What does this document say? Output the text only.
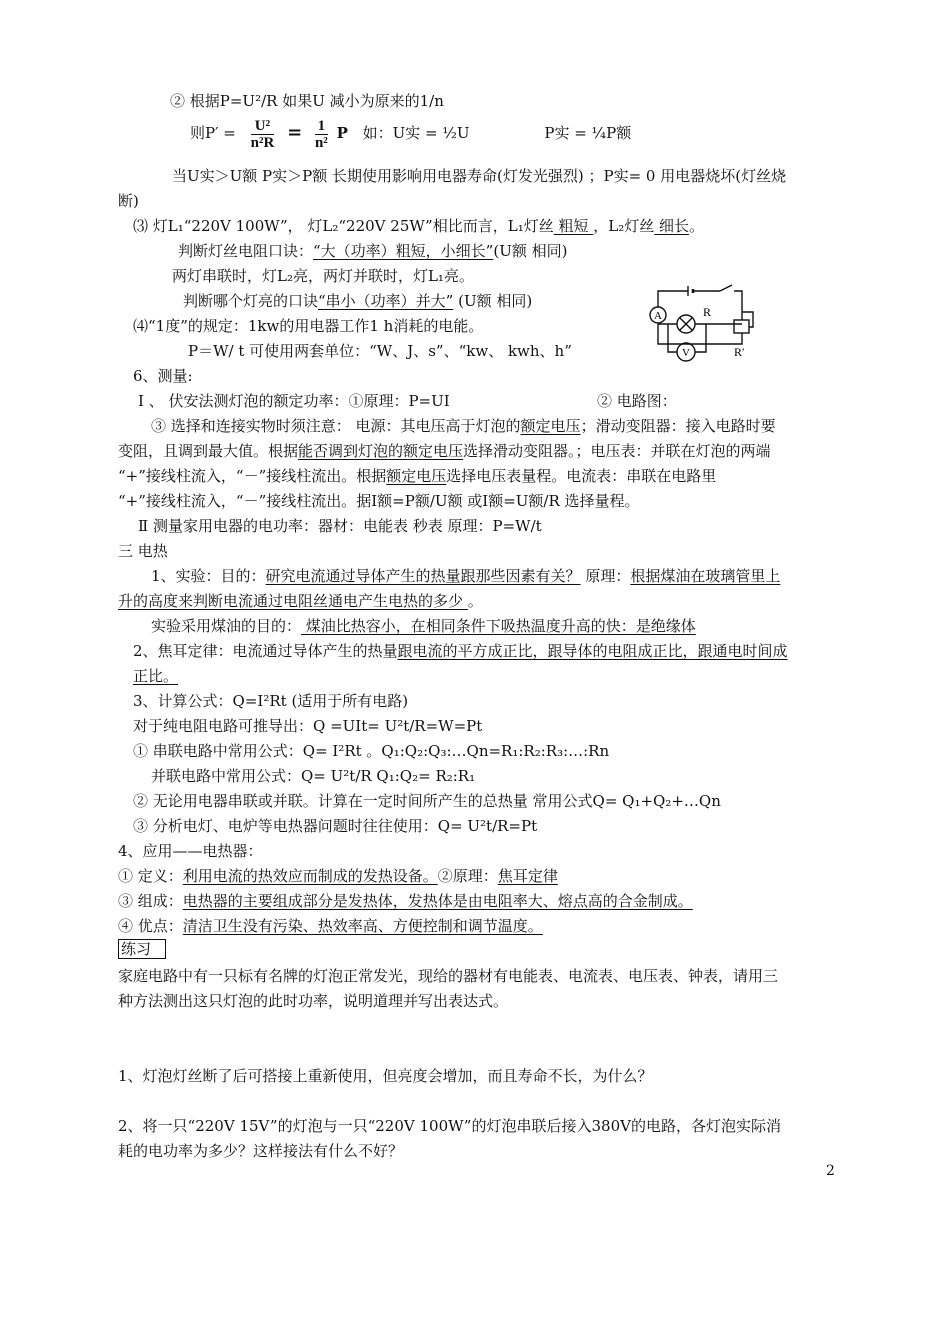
② 根据P=U²/R 如果U 减小为原来的1/n
则$P' = \frac{\text{U²}}{\text{n²R}} = \frac{1}{\text{n²}}$ P 如：U实 = ½U	P实 = ¼P额
当U实＞U额 P实＞P额 长期使用影响用电器寿命(灯发光强烈) ；P实= 0 用电器烧坏(灯丝烧
断)
⑶ 灯L₁“220V 100W”， 灯L₂“220V 25W”相比而言，L₁灯丝 粗短 ，L₂灯丝 细长。
判断灯丝电阻口诀：“大（功率）粗短，小细长”(U额 相同)
两灯串联时，灯L₂亮，两灯并联时，灯L₁亮。
判断哪个灯亮的口诀“串小（功率）并大” (U额 相同)
⑷“1度”的规定：1kw的用电器工作1 h消耗的电能。
P＝W/ t 可使用两套单位：“W、J、s”、“kw、 kwh、h”
A
V
R
R′
6、测量:
Ⅰ 、 伏安法测灯泡的额定功率：①原理：P=UI	② 电路图：
③ 选择和连接实物时须注意： 电源：其电压高于灯泡的额定电压；滑动变阻器：接入电路时要
变阻，且调到最大值。根据能否调到灯泡的额定电压选择滑动变阻器。；电压表：并联在灯泡的两端
“+”接线柱流入，“－”接线柱流出。根据额定电压选择电压表量程。电流表：串联在电路里
“+”接线柱流入，“－”接线柱流出。据I额=P额/U额 或I额=U额/R 选择量程。
Ⅱ 测量家用电器的电功率：器材：电能表 秒表 原理：P=W/t
三 电热
1、实验：目的：研究电流通过导体产生的热量跟那些因素有关？ 原理：根据煤油在玻璃管里上
升的高度来判断电流通过电阻丝通电产生电热的多少 。
实验采用煤油的目的： 煤油比热容小，在相同条件下吸热温度升高的快：是绝缘体
2、焦耳定律：电流通过导体产生的热量跟电流的平方成正比，跟导体的电阻成正比，跟通电时间成
正比。
3、计算公式：Q=I²Rt (适用于所有电路)
对于纯电阻电路可推导出：Q =UIt= U²t/R=W=Pt
① 串联电路中常用公式：Q= I²Rt 。Q₁:Q₂:Q₃:…Qn=R₁:R₂:R₃:…:Rn
并联电路中常用公式：Q= U²t/R Q₁:Q₂= R₂:R₁
② 无论用电器串联或并联。计算在一定时间所产生的总热量 常用公式Q= Q₁+Q₂+…Qn
③ 分析电灯、电炉等电热器问题时往往使用：Q= U²t/R=Pt
4、应用——电热器：
① 定义：利用电流的热效应而制成的发热设备。②原理：焦耳定律
③ 组成：电热器的主要组成部分是发热体，发热体是由电阻率大、熔点高的合金制成。
④ 优点：清洁卫生没有污染、热效率高、方便控制和调节温度。
练习
家庭电路中有一只标有名牌的灯泡正常发光，现给的器材有电能表、电流表、电压表、钟表，请用三
种方法测出这只灯泡的此时功率，说明道理并写出表达式。
1、灯泡灯丝断了后可搭接上重新使用，但亮度会增加，而且寿命不长，为什么？
2、将一只“220V 15V”的灯泡与一只“220V 100W”的灯泡串联后接入380V的电路，各灯泡实际消
耗的电功率为多少？这样接法有什么不好？
2
